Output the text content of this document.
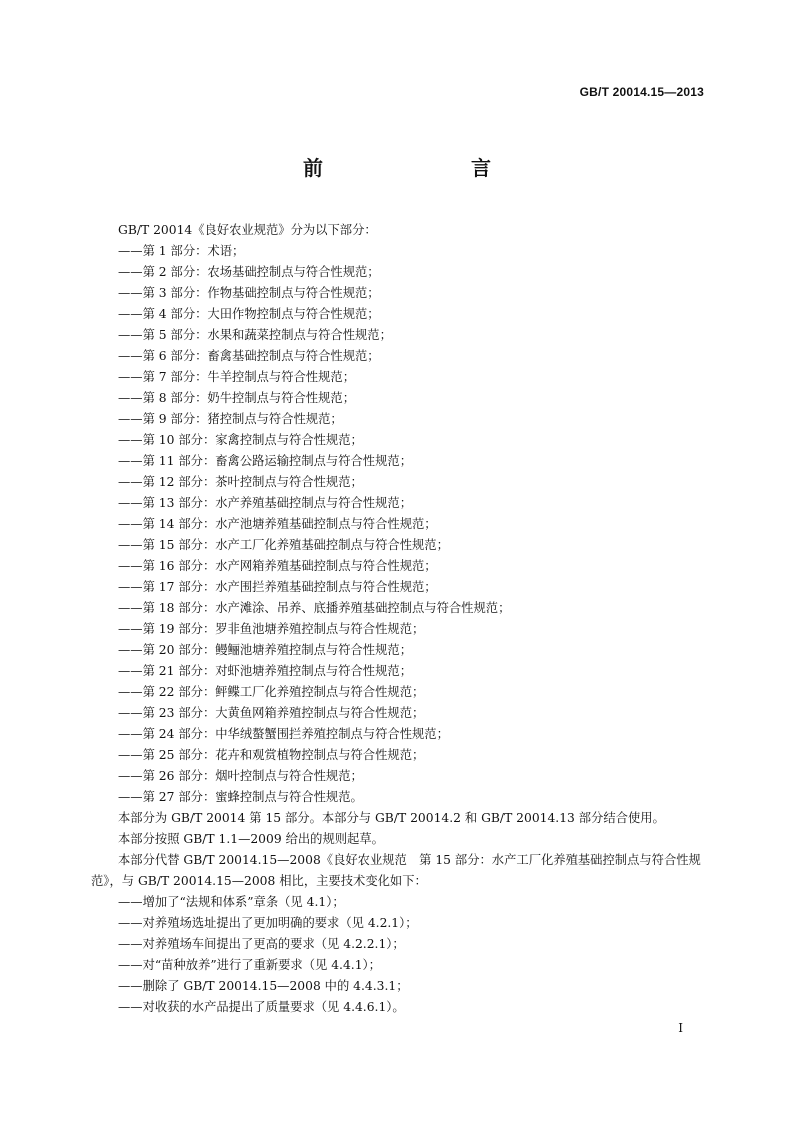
GB/T 20014.15—2013
前　　言

GB/T 20014《良好农业规范》分为以下部分：

——第 1 部分：术语；

——第 2 部分：农场基础控制点与符合性规范；

——第 3 部分：作物基础控制点与符合性规范；

——第 4 部分：大田作物控制点与符合性规范；

——第 5 部分：水果和蔬菜控制点与符合性规范；

——第 6 部分：畜禽基础控制点与符合性规范；

——第 7 部分：牛羊控制点与符合性规范；

——第 8 部分：奶牛控制点与符合性规范；

——第 9 部分：猪控制点与符合性规范；

——第 10 部分：家禽控制点与符合性规范；

——第 11 部分：畜禽公路运输控制点与符合性规范；

——第 12 部分：茶叶控制点与符合性规范；

——第 13 部分：水产养殖基础控制点与符合性规范；

——第 14 部分：水产池塘养殖基础控制点与符合性规范；

——第 15 部分：水产工厂化养殖基础控制点与符合性规范；

——第 16 部分：水产网箱养殖基础控制点与符合性规范；

——第 17 部分：水产围拦养殖基础控制点与符合性规范；

——第 18 部分：水产滩涂、吊养、底播养殖基础控制点与符合性规范；

——第 19 部分：罗非鱼池塘养殖控制点与符合性规范；

——第 20 部分：鳗鲡池塘养殖控制点与符合性规范；

——第 21 部分：对虾池塘养殖控制点与符合性规范；

——第 22 部分：鲆鲽工厂化养殖控制点与符合性规范；

——第 23 部分：大黄鱼网箱养殖控制点与符合性规范；

——第 24 部分：中华绒螯蟹围拦养殖控制点与符合性规范；

——第 25 部分：花卉和观赏植物控制点与符合性规范；

——第 26 部分：烟叶控制点与符合性规范；

——第 27 部分：蜜蜂控制点与符合性规范。

本部分为 GB/T 20014 第 15 部分。本部分与 GB/T 20014.2 和 GB/T 20014.13 部分结合使用。

本部分按照 GB/T 1.1—2009 给出的规则起草。

本部分代替 GB/T 20014.15—2008《良好农业规范　第 15 部分：水产工厂化养殖基础控制点与符合性规范》，与 GB/T 20014.15—2008 相比，主要技术变化如下：

——增加了“法规和体系”章条（见 4.1）；

——对养殖场选址提出了更加明确的要求（见 4.2.1）；

——对养殖场车间提出了更高的要求（见 4.2.2.1）；

——对“苗种放养”进行了重新要求（见 4.4.1）；

——删除了 GB/T 20014.15—2008 中的 4.4.3.1；

——对收获的水产品提出了质量要求（见 4.4.6.1）。

I
